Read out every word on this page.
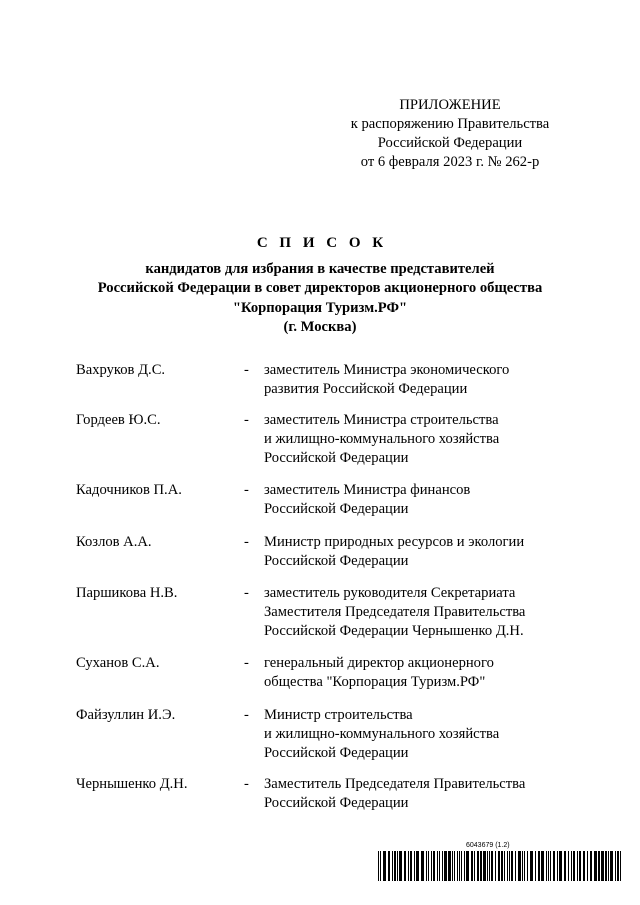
ПРИЛОЖЕНИЕ
к распоряжению Правительства
Российской Федерации
от 6 февраля 2023 г. № 262-р
С П И С О К
кандидатов для избрания в качестве представителей
Российской Федерации в совет директоров акционерного общества
"Корпорация Туризм.РФ"
(г. Москва)
Вахруков Д.С.	- заместитель Министра экономического
развития Российской Федерации
Гордеев Ю.С.	- заместитель Министра строительства
и жилищно-коммунального хозяйства
Российской Федерации
Кадочников П.А.	- заместитель Министра финансов
Российской Федерации
Козлов А.А.	- Министр природных ресурсов и экологии
Российской Федерации
Паршикова Н.В.	- заместитель руководителя Секретариата
Заместителя Председателя Правительства
Российской Федерации Чернышенко Д.Н.
Суханов С.А.	- генеральный директор акционерного
общества "Корпорация Туризм.РФ"
Файзуллин И.Э.	- Министр строительства
и жилищно-коммунального хозяйства
Российской Федерации
Чернышенко Д.Н.	- Заместитель Председателя Правительства
Российской Федерации
6043679 (1.2)
